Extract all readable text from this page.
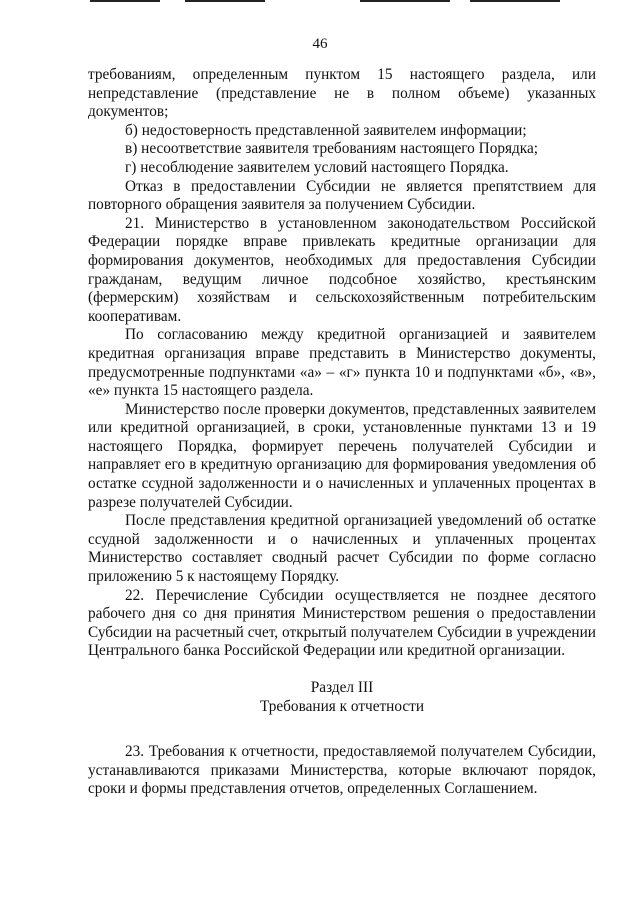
46

требованиям, определенным пунктом 15 настоящего раздела, или непредставление (представление не в полном объеме) указанных документов;

б) недостоверность представленной заявителем информации;

в) несоответствие заявителя требованиям настоящего Порядка;

г) несоблюдение заявителем условий настоящего Порядка.

Отказ в предоставлении Субсидии не является препятствием для повторного обращения заявителя за получением Субсидии.

21. Министерство в установленном законодательством Российской Федерации порядке вправе привлекать кредитные организации для формирования документов, необходимых для предоставления Субсидии гражданам, ведущим личное подсобное хозяйство, крестьянским (фермерским) хозяйствам и сельскохозяйственным потребительским кооперативам.

По согласованию между кредитной организацией и заявителем кредитная организация вправе представить в Министерство документы, предусмотренные подпунктами «а» – «г» пункта 10 и подпунктами «б», «в», «е» пункта 15 настоящего раздела.

Министерство после проверки документов, представленных заявителем или кредитной организацией, в сроки, установленные пунктами 13 и 19 настоящего Порядка, формирует перечень получателей Субсидии и направляет его в кредитную организацию для формирования уведомления об остатке ссудной задолженности и о начисленных и уплаченных процентах в разрезе получателей Субсидии.

После представления кредитной организацией уведомлений об остатке ссудной задолженности и о начисленных и уплаченных процентах Министерство составляет сводный расчет Субсидии по форме согласно приложению 5 к настоящему Порядку.

22. Перечисление Субсидии осуществляется не позднее десятого рабочего дня со дня принятия Министерством решения о предоставлении Субсидии на расчетный счет, открытый получателем Субсидии в учреждении Центрального банка Российской Федерации или кредитной организации.

Раздел III

Требования к отчетности

23. Требования к отчетности, предоставляемой получателем Субсидии, устанавливаются приказами Министерства, которые включают порядок, сроки и формы представления отчетов, определенных Соглашением.
